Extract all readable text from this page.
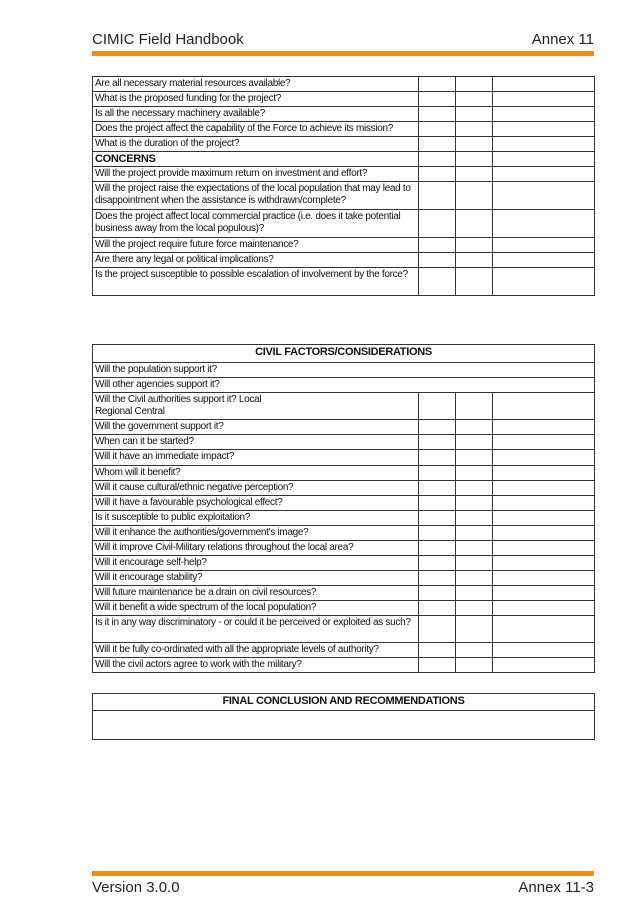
CIMIC Field Handbook	Annex 11
Are all necessary material resources available?			
What is the proposed funding for the project?			
Is all the necessary machinery available?			
Does the project affect the capability of the Force to achieve its mission?			
What is the duration of the project?			
CONCERNS			
Will the project provide maximum return on investment and effort?			
Will the project raise the expectations of the local population that may lead to disappointment when the assistance is withdrawn/complete?			
Does the project affect local commercial practice (i.e. does it take potential business away from the local populous)?			
Will the project require future force maintenance?			
Are there any legal or political implications?			
Is the project susceptible to possible escalation of involvement by the force?			
CIVIL FACTORS/CONSIDERATIONS			
Will the population support it?			
Will other agencies support it?			
Will the Civil authorities support it? Local
Regional Central			
Will the government support it?			
When can it be started?			
Will it have an immediate impact?			
Whom will it benefit?			
Will it cause cultural/ethnic negative perception?			
Will it have a favourable psychological effect?			
Is it susceptible to public exploitation?			
Will it enhance the authorities/government's image?			
Will it improve Civil-Military relations throughout the local area?			
Will it encourage self-help?			
Will it encourage stability?			
Will future maintenance be a drain on civil resources?			
Will it benefit a wide spectrum of the local population?			
Is it in any way discriminatory - or could it be perceived or exploited as such?			
Will it be fully co-ordinated with all the appropriate levels of authority?			
Will the civil actors agree to work with the military?			
FINAL CONCLUSION AND RECOMMENDATIONS

Version 3.0.0	Annex 11-3
